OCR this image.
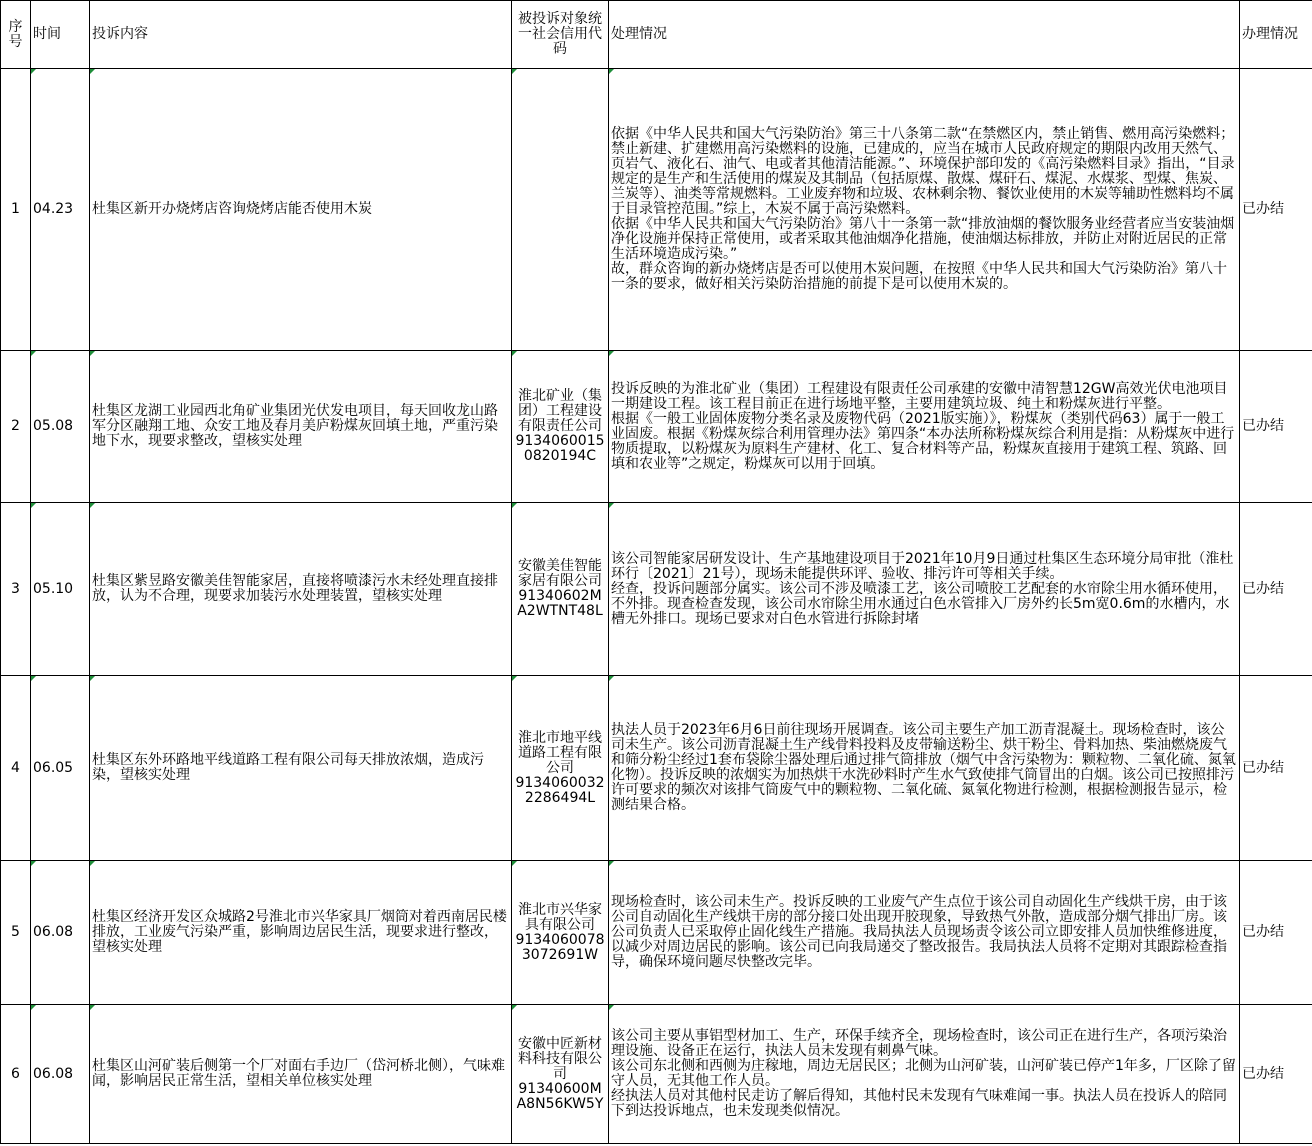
序号	时间	投诉内容	被投诉对象统一社会信用代码	处理情况	办理情况
1	04.23	杜集区新开办烧烤店咨询烧烤店能否使用木炭		依据《中华人民共和国大气污染防治》第三十八条第二款“在禁燃区内，禁止销售、燃用高污染燃料；禁止新建、扩建燃用高污染燃料的设施，已建成的，应当在城市人民政府规定的期限内改用天然气、页岩气、液化石、油气、电或者其他清洁能源。”、环境保护部印发的《高污染燃料目录》指出，“目录规定的是生产和生活使用的煤炭及其制品（包括原煤、散煤、煤矸石、煤泥、水煤浆、型煤、焦炭、兰炭等）、油类等常规燃料。工业废弃物和垃圾、农林剩余物、餐饮业使用的木炭等辅助性燃料均不属于目录管控范围。”综上，木炭不属于高污染燃料。
依据《中华人民共和国大气污染防治》第八十一条第一款“排放油烟的餐饮服务业经营者应当安装油烟净化设施并保持正常使用，或者采取其他油烟净化措施，使油烟达标排放，并防止对附近居民的正常生活环境造成污染。”
故，群众咨询的新办烧烤店是否可以使用木炭问题，在按照《中华人民共和国大气污染防治》第八十一条的要求，做好相关污染防治措施的前提下是可以使用木炭的。	已办结
2	05.08	杜集区龙湖工业园西北角矿业集团光伏发电项目，每天回收龙山路军分区融翔工地、众安工地及春月美庐粉煤灰回填土地，严重污染地下水，现要求整改，望核实处理	淮北矿业（集团）工程建设有限责任公司
91340600150820194C	投诉反映的为淮北矿业（集团）工程建设有限责任公司承建的安徽中清智慧12GW高效光伏电池项目一期建设工程。该工程目前正在进行场地平整，主要用建筑垃圾、纯土和粉煤灰进行平整。
根据《一般工业固体废物分类名录及废物代码（2021版实施）》，粉煤灰（类别代码63）属于一般工业固废。根据《粉煤灰综合利用管理办法》第四条“本办法所称粉煤灰综合利用是指：从粉煤灰中进行物质提取，以粉煤灰为原料生产建材、化工、复合材料等产品，粉煤灰直接用于建筑工程、筑路、回填和农业等”之规定，粉煤灰可以用于回填。	已办结
3	05.10	杜集区紫昱路安徽美佳智能家居，直接将喷漆污水未经处理直接排放，认为不合理，现要求加装污水处理装置，望核实处理	安徽美佳智能家居有限公司
91340602MA2WTNT48L	该公司智能家居研发设计、生产基地建设项目于2021年10月9日通过杜集区生态环境分局审批（淮杜环行〔2021〕21号），现场未能提供环评、验收、排污许可等相关手续。
经查，投诉问题部分属实。该公司不涉及喷漆工艺，该公司喷胶工艺配套的水帘除尘用水循环使用，不外排。现查检查发现，该公司水帘除尘用水通过白色水管排入厂房外约长5m宽0.6m的水槽内，水槽无外排口。现场已要求对白色水管进行拆除封堵	已办结
4	06.05	杜集区东外环路地平线道路工程有限公司每天排放浓烟，造成污染，望核实处理	淮北市地平线道路工程有限公司
91340600322286494L	执法人员于2023年6月6日前往现场开展调查。该公司主要生产加工沥青混凝土。现场检查时，该公司未生产。该公司沥青混凝土生产线骨料投料及皮带输送粉尘、烘干粉尘、骨料加热、柴油燃烧废气和筛分粉尘经过1套布袋除尘器处理后通过排气筒排放（烟气中含污染物为：颗粒物、二氧化硫、氮氧化物）。投诉反映的浓烟实为加热烘干水洗砂料时产生水气致使排气筒冒出的白烟。该公司已按照排污许可要求的频次对该排气筒废气中的颗粒物、二氧化硫、氮氧化物进行检测，根据检测报告显示，检测结果合格。	已办结
5	06.08	杜集区经济开发区众城路2号淮北市兴华家具厂烟筒对着西南居民楼排放，工业废气污染严重，影响周边居民生活，现要求进行整改，望核实处理	淮北市兴华家具有限公司
91340600783072691W	现场检查时，该公司未生产。投诉反映的工业废气产生点位于该公司自动固化生产线烘干房，由于该公司自动固化生产线烘干房的部分接口处出现开胶现象，导致热气外散，造成部分烟气排出厂房。该公司负责人已采取停止固化线生产措施。我局执法人员现场责令该公司立即安排人员加快维修进度，以减少对周边居民的影响。该公司已向我局递交了整改报告。我局执法人员将不定期对其跟踪检查指导，确保环境问题尽快整改完毕。	已办结
6	06.08	杜集区山河矿装后侧第一个厂对面右手边厂（岱河桥北侧），气味难闻，影响居民正常生活，望相关单位核实处理	安徽中匠新材料科技有限公司
91340600MA8N56KW5Y	该公司主要从事铝型材加工、生产，环保手续齐全，现场检查时，该公司正在进行生产，各项污染治理设施、设备正在运行，执法人员未发现有刺鼻气味。
该公司东北侧和西侧为庄稼地，周边无居民区；北侧为山河矿装，山河矿装已停产1年多，厂区除了留守人员，无其他工作人员。
经执法人员对其他村民走访了解后得知，其他村民未发现有气味难闻一事。执法人员在投诉人的陪同下到达投诉地点，也未发现类似情况。	已办结
